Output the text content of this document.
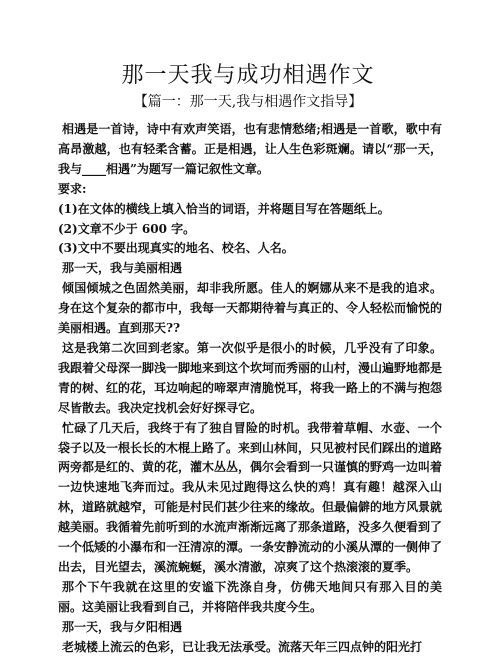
那一天我与成功相遇作文
【篇一：那一天,我与相遇作文指导】

相遇是一首诗，诗中有欢声笑语，也有悲情愁绪;相遇是一首歌，歌中有高昂激越，也有轻柔含蓄。正是相遇，让人生色彩斑斓。请以“那一天，我与____相遇”为题写一篇记叙性文章。

要求:

(1)在文体的横线上填入恰当的词语，并将题目写在答题纸上。

(2)文章不少于 600 字。

(3)文中不要出现真实的地名、校名、人名。

那一天，我与美丽相遇

倾国倾城之色固然美丽，却非我所愿。佳人的婀娜从来不是我的追求。身在这个复杂的都市中，我每一天都期待着与真正的、令人轻松而愉悦的美丽相遇。直到那天??

这是我第二次回到老家。第一次似乎是很小的时候，几乎没有了印象。我跟着父母深一脚浅一脚地来到这个坎坷而秀丽的山村，漫山遍野地都是青的树、红的花，耳边响起的啼翠声清脆悦耳，将我一路上的不满与抱怨尽皆散去。我决定找机会好好探寻它。

忙碌了几天后，我终于有了独自冒险的时机。我带着草帽、水壶、一个袋子以及一根长长的木棍上路了。来到山林间，只见被村民们踩出的道路两旁都是红的、黄的花，灌木丛丛，偶尔会看到一只谨慎的野鸡一边叫着一边快速地飞奔而过。我从未见过跑得这么快的鸡！真有趣！越深入山林，道路就越窄，可能是村民们甚少往来的缘故。但最偏僻的地方风景就越美丽。我循着先前听到的水流声渐渐远离了那条道路，没多久便看到了一个低矮的小瀑布和一汪清凉的潭。一条安静流动的小溪从潭的一侧伸了出去，目光望去，溪流蜿蜒，溪水清澈，凉爽了这个热滚滚的夏季。

那个下午我就在这里的安谧下洗涤自身，仿佛天地间只有那入目的美丽。这美丽让我看到自己，并将陪伴我共度今生。

那一天，我与夕阳相遇

老城楼上流云的色彩，已让我无法承受。流落天年三四点钟的阳光打
